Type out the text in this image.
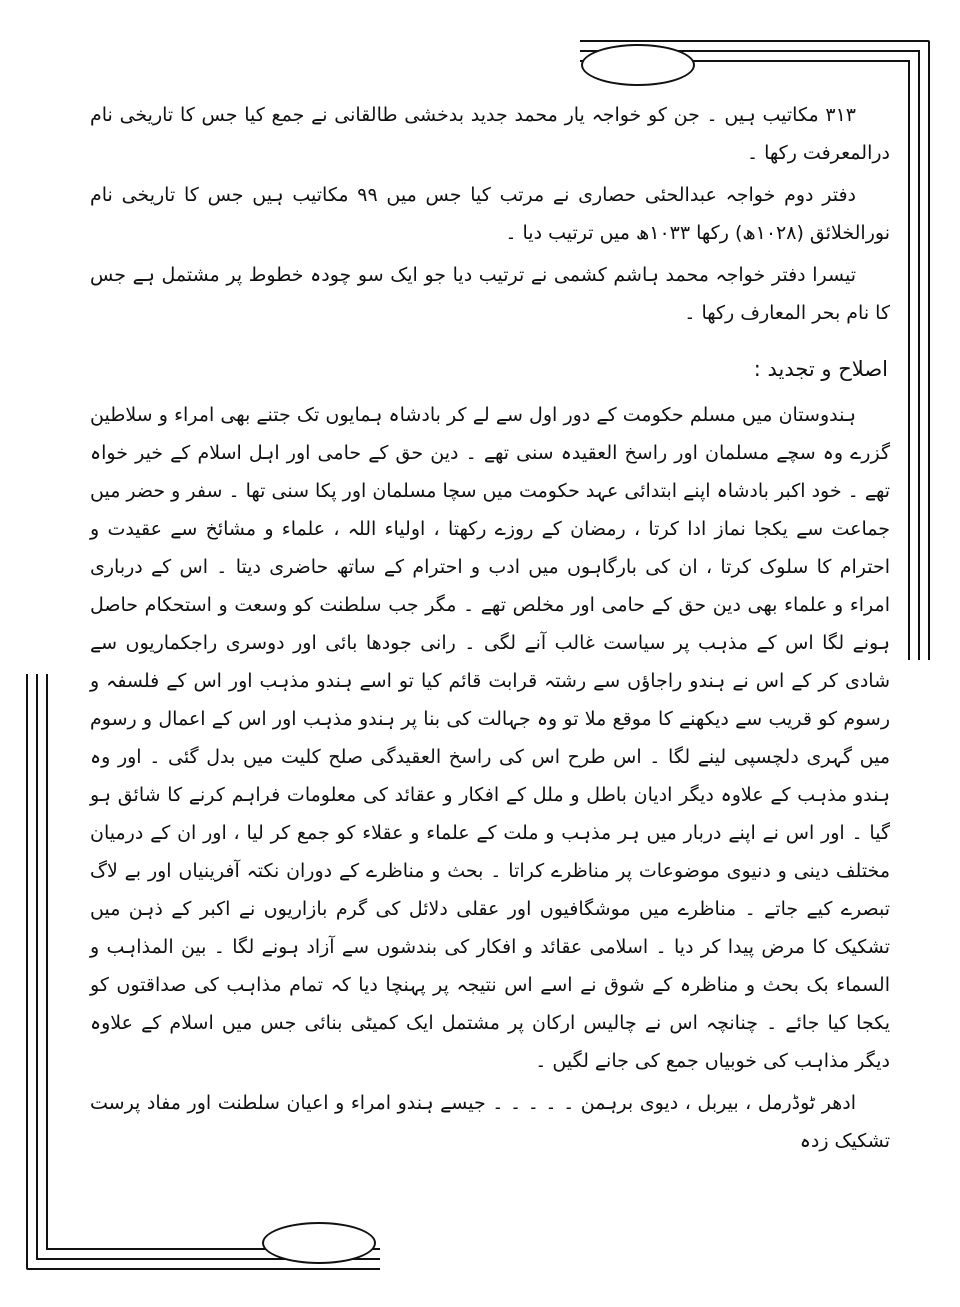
۳۱۳ مکاتیب ہیں ۔ جن کو خواجہ یار محمد جدید بدخشی طالقانی نے جمع کیا جس کا تاریخی نام درالمعرفت رکھا ۔

دفتر دوم خواجہ عبدالحئی حصاری نے مرتب کیا جس میں ۹۹ مکاتیب ہیں جس کا تاریخی نام نورالخلائق (۱۰۲۸ھ) رکھا ۱۰۳۳ھ میں ترتیب دیا ۔

تیسرا دفتر خواجہ محمد ہاشم کشمی نے ترتیب دیا جو ایک سو چودہ خطوط پر مشتمل ہے جس کا نام بحر المعارف رکھا ۔

اصلاح و تجدید :

ہندوستان میں مسلم حکومت کے دور اول سے لے کر بادشاہ ہمایوں تک جتنے بھی امراء و سلاطین گزرے وہ سچے مسلمان اور راسخ العقیدہ سنی تھے ۔ دین حق کے حامی اور اہل اسلام کے خیر خواہ تھے ۔ خود اکبر بادشاہ اپنے ابتدائی عہد حکومت میں سچا مسلمان اور پکا سنی تھا ۔ سفر و حضر میں جماعت سے یکجا نماز ادا کرتا ، رمضان کے روزے رکھتا ، اولیاء اللہ ، علماء و مشائخ سے عقیدت و احترام کا سلوک کرتا ، ان کی بارگاہوں میں ادب و احترام کے ساتھ حاضری دیتا ۔ اس کے درباری امراء و علماء بھی دین حق کے حامی اور مخلص تھے ۔ مگر جب سلطنت کو وسعت و استحکام حاصل ہونے لگا اس کے مذہب پر سیاست غالب آنے لگی ۔ رانی جودھا بائی اور دوسری راجکماریوں سے شادی کر کے اس نے ہندو راجاؤں سے رشتہ قرابت قائم کیا تو اسے ہندو مذہب اور اس کے فلسفہ و رسوم کو قریب سے دیکھنے کا موقع ملا تو وہ جہالت کی بنا پر ہندو مذہب اور اس کے اعمال و رسوم میں گہری دلچسپی لینے لگا ۔ اس طرح اس کی راسخ العقیدگی صلح کلیت میں بدل گئی ۔ اور وہ ہندو مذہب کے علاوہ دیگر ادیان باطل و ملل کے افکار و عقائد کی معلومات فراہم کرنے کا شائق ہو گیا ۔ اور اس نے اپنے دربار میں ہر مذہب و ملت کے علماء و عقلاء کو جمع کر لیا ، اور ان کے درمیان مختلف دینی و دنیوی موضوعات پر مناظرے کراتا ۔ بحث و مناظرے کے دوران نکتہ آفرینیاں اور بے لاگ تبصرے کیے جاتے ۔ مناظرے میں موشگافیوں اور عقلی دلائل کی گرم بازاریوں نے اکبر کے ذہن میں تشکیک کا مرض پیدا کر دیا ۔ اسلامی عقائد و افکار کی بندشوں سے آزاد ہونے لگا ۔ بین المذاہب و السماء بک بحث و مناظرہ کے شوق نے اسے اس نتیجہ پر پہنچا دیا کہ تمام مذاہب کی صداقتوں کو یکجا کیا جائے ۔ چنانچہ اس نے چالیس ارکان پر مشتمل ایک کمیٹی بنائی جس میں اسلام کے علاوہ دیگر مذاہب کی خوبیاں جمع کی جانے لگیں ۔

ادھر ٹوڈرمل ، بیربل ، دیوی برہمن ۔ ۔ ۔ ۔ ۔ جیسے ہندو امراء و اعیان سلطنت اور مفاد پرست تشکیک زدہ
